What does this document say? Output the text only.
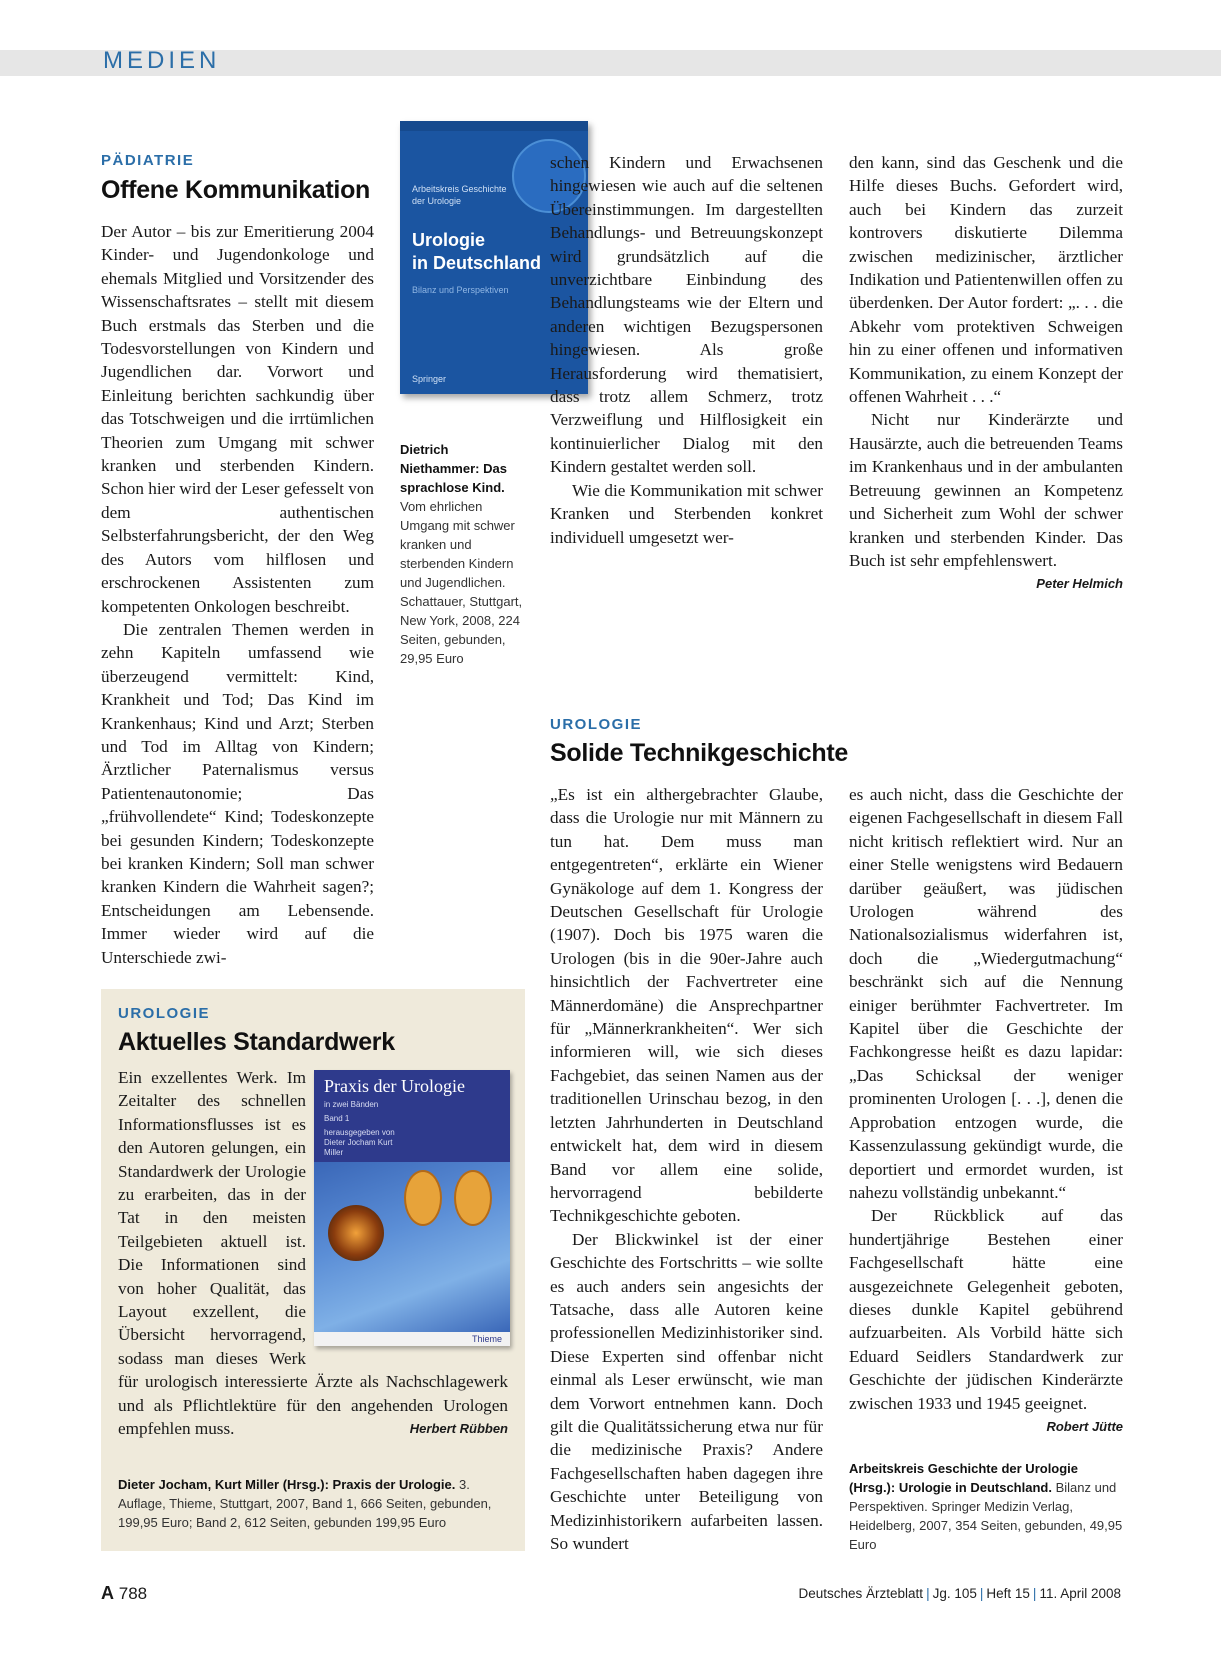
MEDIEN
PÄDIATRIE
Offene Kommunikation

Der Autor – bis zur Emeritierung 2004 Kinder- und Jugendonkologe und ehemals Mitglied und Vorsitzender des Wissenschaftsrates – stellt mit diesem Buch erstmals das Sterben und die Todesvorstellungen von Kindern und Jugendlichen dar. Vorwort und Einleitung berichten sachkundig über das Totschweigen und die irrtümlichen Theorien zum Umgang mit schwer kranken und sterbenden Kindern. Schon hier wird der Leser gefesselt von dem authentischen Selbsterfahrungsbericht, der den Weg des Autors vom hilflosen und erschrockenen Assistenten zum kompetenten Onkologen beschreibt.

Die zentralen Themen werden in zehn Kapiteln umfassend wie überzeugend vermittelt: Kind, Krankheit und Tod; Das Kind im Krankenhaus; Kind und Arzt; Sterben und Tod im Alltag von Kindern; Ärztlicher Paternalismus versus Patientenautonomie; Das „frühvollendete“ Kind; Todeskonzepte bei gesunden Kindern; Todeskonzepte bei kranken Kindern; Soll man schwer kranken Kindern die Wahrheit sagen?; Entscheidungen am Lebensende. Immer wieder wird auf die Unterschiede zwi-

Arbeitskreis Geschichte der Urologie
Urologie
in Deutschland
Bilanz und Perspektiven
Springer
Dietrich Niethammer: Das sprachlose Kind. Vom ehrlichen Umgang mit schwer kranken und sterbenden Kindern und Jugendlichen. Schattauer, Stuttgart, New York, 2008, 224 Seiten, gebunden, 29,95 Euro

schen Kindern und Erwachsenen hingewiesen wie auch auf die seltenen Übereinstimmungen. Im dargestellten Behandlungs- und Betreuungskonzept wird grundsätzlich auf die unverzichtbare Einbindung des Behandlungsteams wie der Eltern und anderen wichtigen Bezugspersonen hingewiesen. Als große Herausforderung wird thematisiert, dass trotz allem Schmerz, trotz Verzweiflung und Hilflosigkeit ein kontinuierlicher Dialog mit den Kindern gestaltet werden soll.

Wie die Kommunikation mit schwer Kranken und Sterbenden konkret individuell umgesetzt wer-

den kann, sind das Geschenk und die Hilfe dieses Buchs. Gefordert wird, auch bei Kindern das zurzeit kontrovers diskutierte Dilemma zwischen medizinischer, ärztlicher Indikation und Patientenwillen offen zu überdenken. Der Autor fordert: „. . . die Abkehr vom protektiven Schweigen hin zu einer offenen und informativen Kommunikation, zu einem Konzept der offenen Wahrheit . . .“

Nicht nur Kinderärzte und Hausärzte, auch die betreuenden Teams im Krankenhaus und in der ambulanten Betreuung gewinnen an Kompetenz und Sicherheit zum Wohl der schwer kranken und sterbenden Kinder. Das Buch ist sehr empfehlenswert.
Peter Helmich

UROLOGIE
Aktuelles Standardwerk
Praxis der Urologie
in zwei Bänden
Band 1
herausgegeben von Dieter Jocham Kurt Miller
Thieme

Ein exzellentes Werk. Im Zeitalter des schnellen Informationsflusses ist es den Autoren gelungen, ein Standardwerk der Urologie zu erarbeiten, das in der Tat in den meisten Teilgebieten aktuell ist. Die Informationen sind von hoher Qualität, das Layout exzellent, die Übersicht hervorragend, sodass man dieses Werk für urologisch interessierte Ärzte als Nachschlagewerk und als Pflichtlektüre für den angehenden Urologen empfehlen muss.	Herbert Rübben

Dieter Jocham, Kurt Miller (Hrsg.): Praxis der Urologie. 3. Auflage, Thieme, Stuttgart, 2007, Band 1, 666 Seiten, gebunden, 199,95 Euro; Band 2, 612 Seiten, gebunden 199,95 Euro
UROLOGIE
Solide Technikgeschichte

„Es ist ein althergebrachter Glaube, dass die Urologie nur mit Männern zu tun hat. Dem muss man entgegentreten“, erklärte ein Wiener Gynäkologe auf dem 1. Kongress der Deutschen Gesellschaft für Urologie (1907). Doch bis 1975 waren die Urologen (bis in die 90er-Jahre auch hinsichtlich der Fachvertreter eine Männerdomäne) die Ansprechpartner für „Männerkrankheiten“. Wer sich informieren will, wie sich dieses Fachgebiet, das seinen Namen aus der traditionellen Urinschau bezog, in den letzten Jahrhunderten in Deutschland entwickelt hat, dem wird in diesem Band vor allem eine solide, hervorragend bebilderte Technikgeschichte geboten.

Der Blickwinkel ist der einer Geschichte des Fortschritts – wie sollte es auch anders sein angesichts der Tatsache, dass alle Autoren keine professionellen Medizinhistoriker sind. Diese Experten sind offenbar nicht einmal als Leser erwünscht, wie man dem Vorwort entnehmen kann. Doch gilt die Qualitätssicherung etwa nur für die medizinische Praxis? Andere Fachgesellschaften haben dagegen ihre Geschichte unter Beteiligung von Medizinhistorikern aufarbeiten lassen. So wundert

es auch nicht, dass die Geschichte der eigenen Fachgesellschaft in diesem Fall nicht kritisch reflektiert wird. Nur an einer Stelle wenigstens wird Bedauern darüber geäußert, was jüdischen Urologen während des Nationalsozialismus widerfahren ist, doch die „Wiedergutmachung“ beschränkt sich auf die Nennung einiger berühmter Fachvertreter. Im Kapitel über die Geschichte der Fachkongresse heißt es dazu lapidar: „Das Schicksal der weniger prominenten Urologen [. . .], denen die Approbation entzogen wurde, die Kassenzulassung gekündigt wurde, die deportiert und ermordet wurden, ist nahezu vollständig unbekannt.“

Der Rückblick auf das hundertjährige Bestehen einer Fachgesellschaft hätte eine ausgezeichnete Gelegenheit geboten, dieses dunkle Kapitel gebührend aufzuarbeiten. Als Vorbild hätte sich Eduard Seidlers Standardwerk zur Geschichte der jüdischen Kinderärzte zwischen 1933 und 1945 geeignet.
Robert Jütte

Arbeitskreis Geschichte der Urologie (Hrsg.): Urologie in Deutschland. Bilanz und Perspektiven. Springer Medizin Verlag, Heidelberg, 2007, 354 Seiten, gebunden, 49,95 Euro
A 788	Deutsches Ärzteblatt | Jg. 105 | Heft 15 | 11. April 2008
